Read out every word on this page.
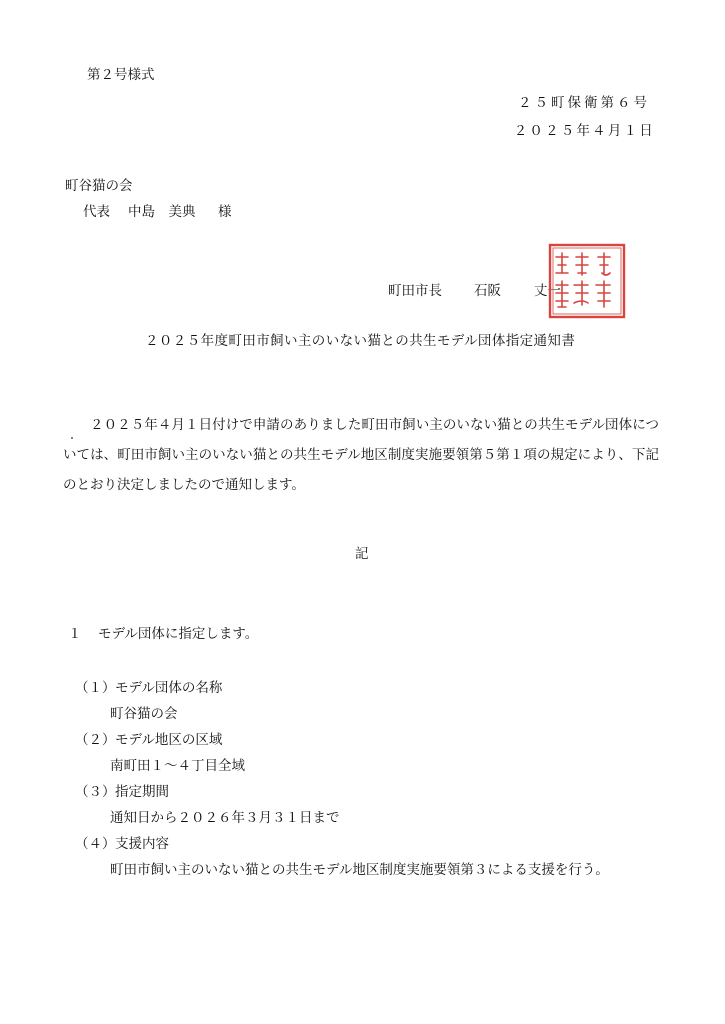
第２号様式
２５町保衛第６号
２０２５年４月１日
町谷猫の会
代表 中島　美典 様
町田市長 石阪 丈一
２０２５年度町田市飼い主のいない猫との共生モデル団体指定通知書
２０２５年４月１日付けで申請のありました町田市飼い主のいない猫との共生モデル団体については、町田市飼い主のいない猫との共生モデル地区制度実施要領第５第１項の規定により、下記のとおり決定しましたので通知します。
記
１ モデル団体に指定します。
（１）モデル団体の名称
町谷猫の会
（２）モデル地区の区域
南町田１～４丁目全域
（３）指定期間
通知日から２０２６年３月３１日まで
（４）支援内容
町田市飼い主のいない猫との共生モデル地区制度実施要領第３による支援を行う。
